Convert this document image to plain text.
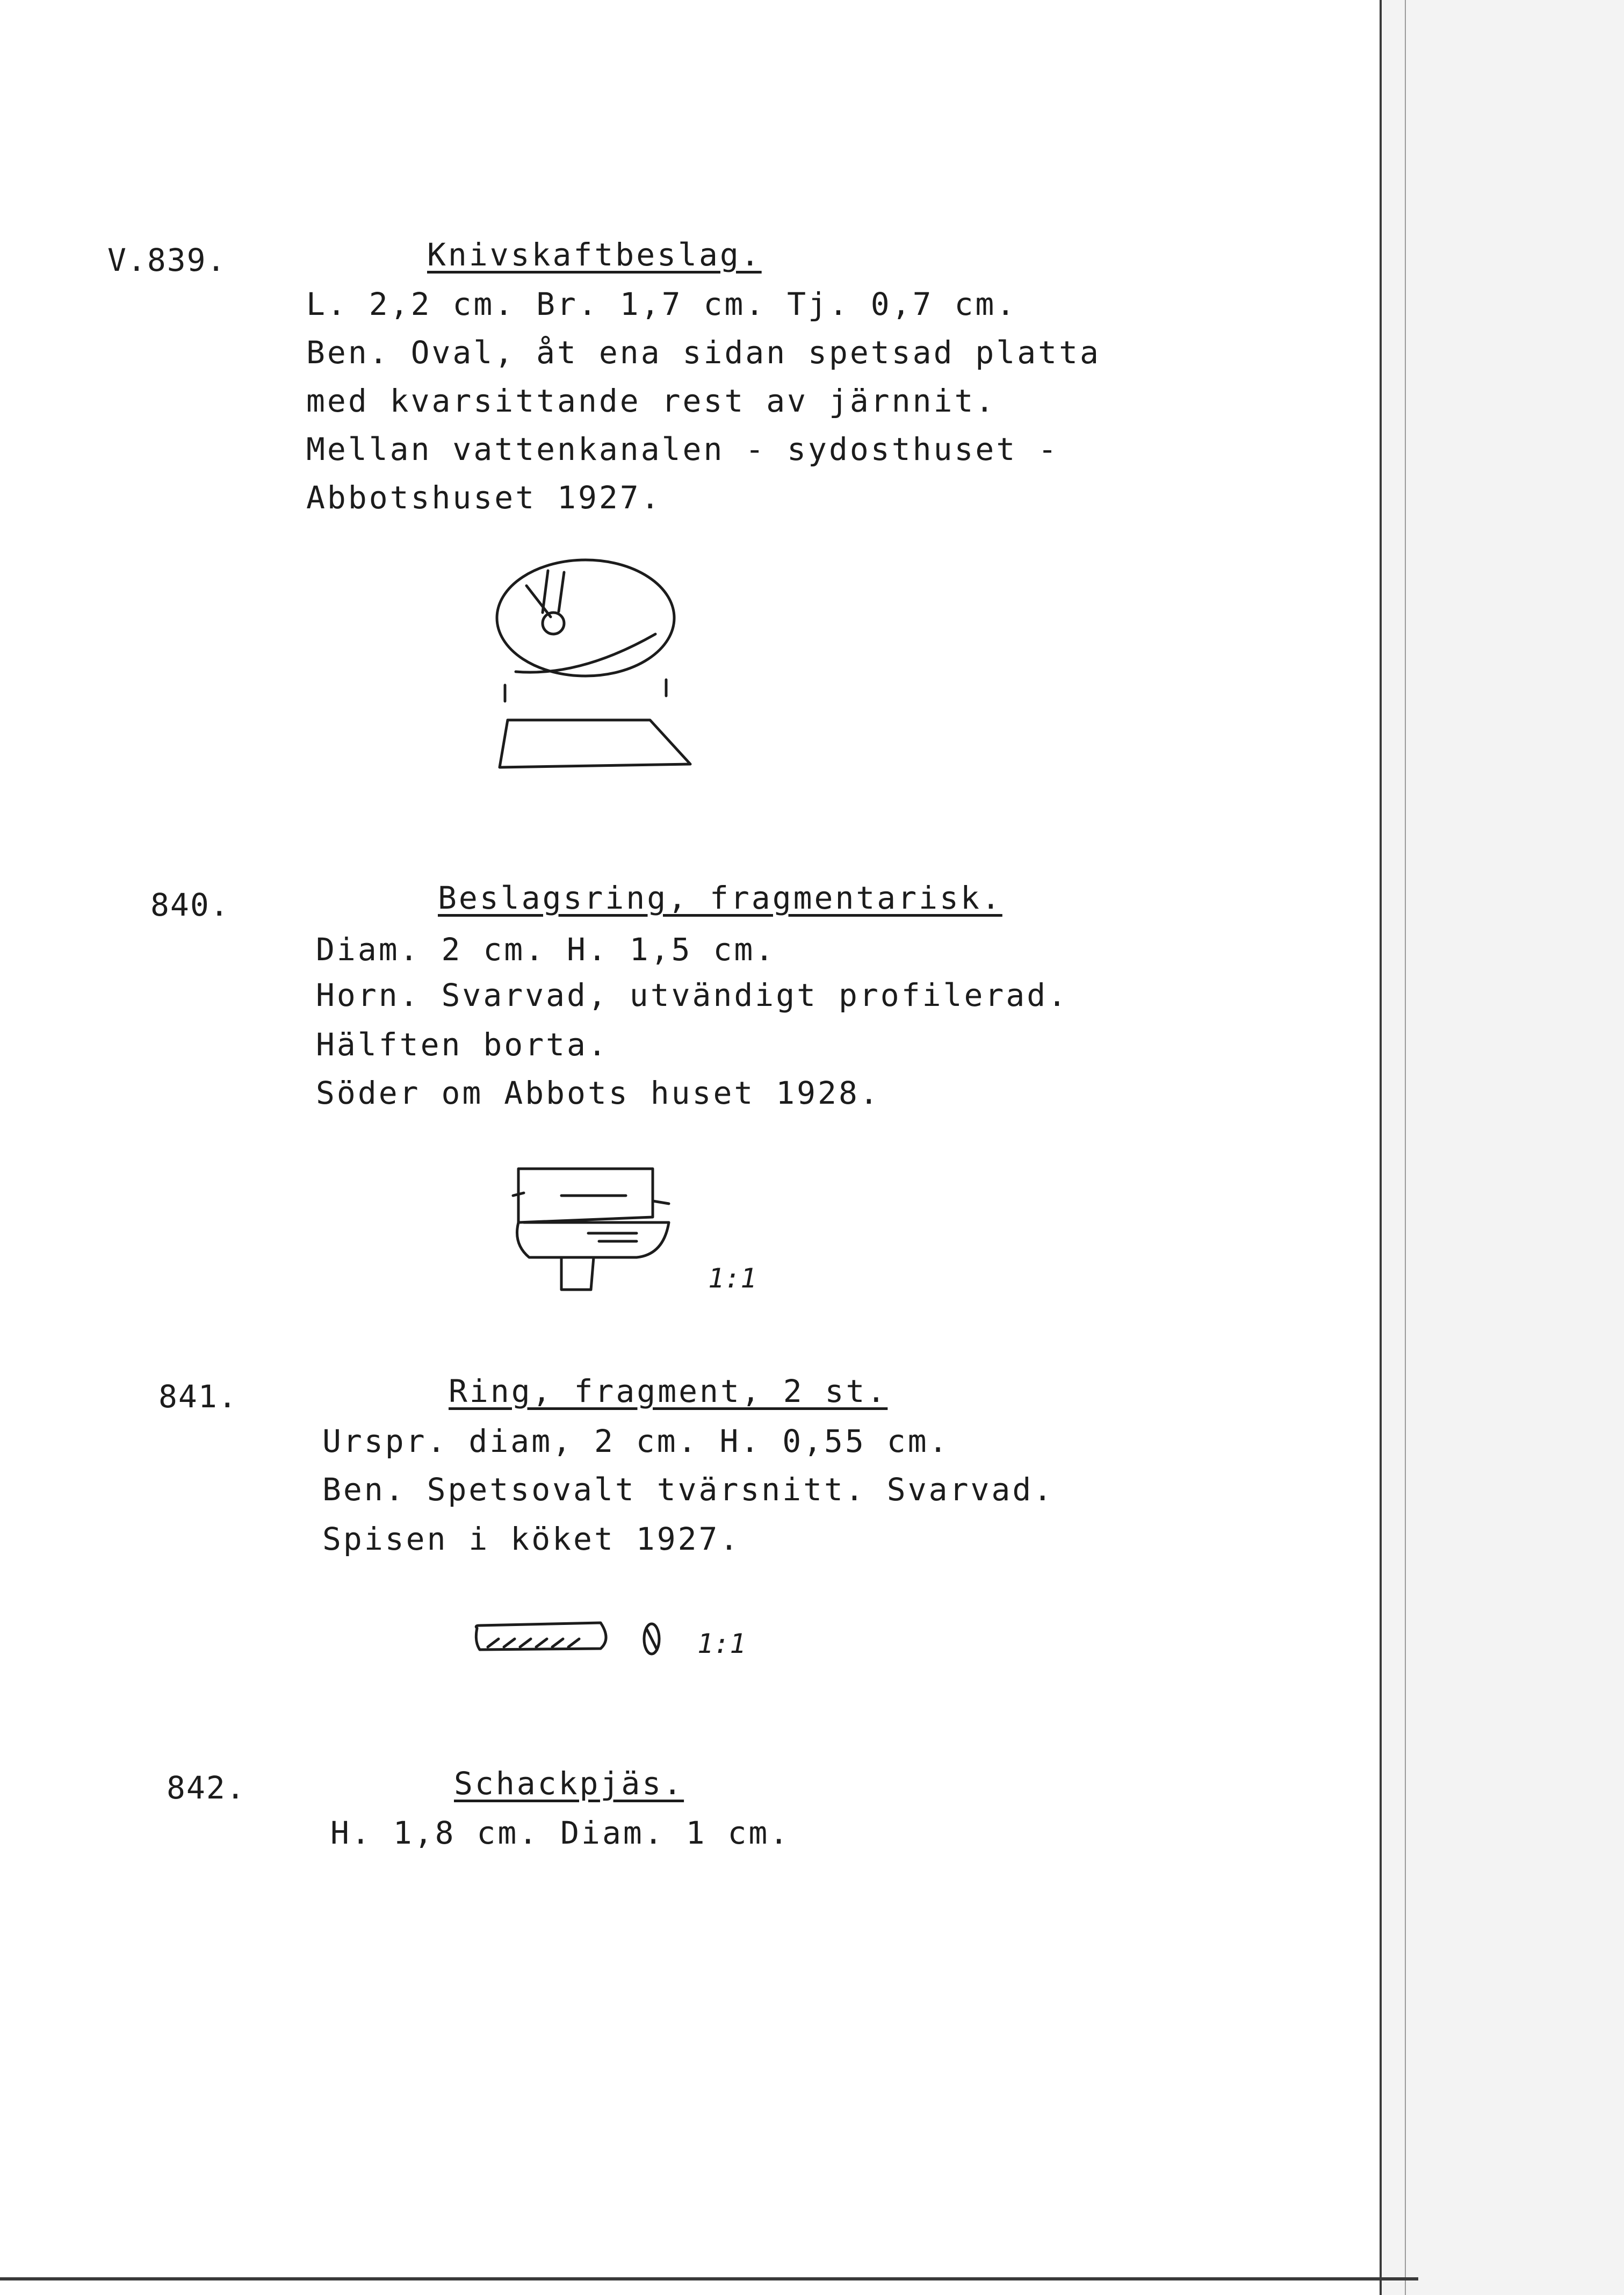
V.839.	Knivskaftbeslag.
L. 2,2 cm. Br. 1,7 cm. Tj. 0,7 cm.
Ben. Oval, åt ena sidan spetsad platta
med kvarsittande rest av järnnit.
Mellan vattenkanalen - sydosthuset -
Abbotshuset 1927.
840.	Beslagsring, fragmentarisk.
Diam. 2 cm. H. 1,5 cm.
Horn. Svarvad, utvändigt profilerad.
Hälften borta.
Söder om Abbots huset 1928.
1:1
841.	Ring, fragment, 2 st.
Urspr. diam, 2 cm. H. 0,55 cm.
Ben. Spetsovalt tvärsnitt. Svarvad.
Spisen i köket 1927.
1:1
842.	Schackpjäs.
H. 1,8 cm. Diam. 1 cm.
